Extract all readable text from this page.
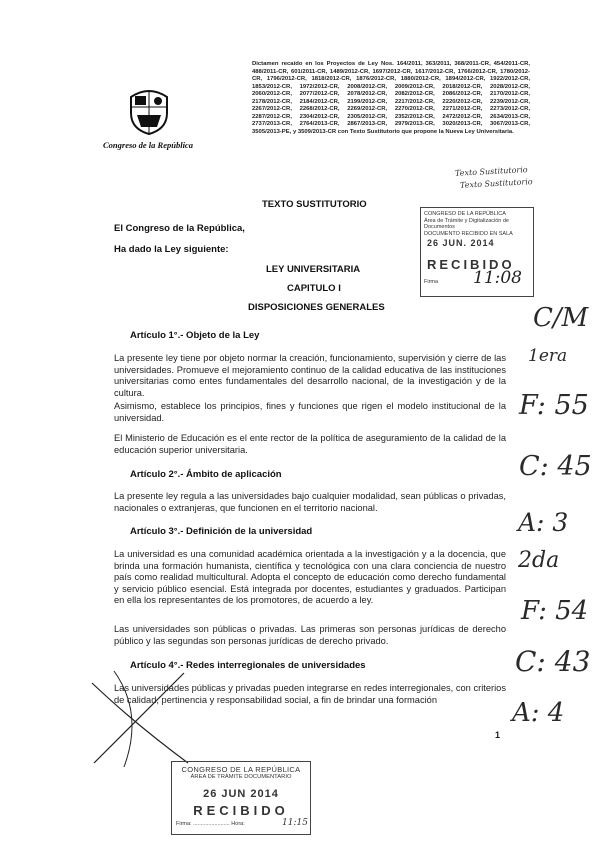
Congreso de la República
Dictamen recaído en los Proyectos de Ley Nos. 164/2011, 363/2011, 368/2011-CR, 454/2011-CR, 488/2011-CR, 601/2011-CR, 1489/2012-CR, 1697/2012-CR, 1617/2012-CR, 1766/2012-CR, 1780/2012-CR, 1796/2012-CR, 1818/2012-CR, 1876/2012-CR, 1880/2012-CR, 1894/2012-CR, 1922/2012-CR, 1853/2012-CR, 1972/2012-CR, 2008/2012-CR, 2009/2012-CR, 2018/2012-CR, 2028/2012-CR, 2060/2012-CR, 2077/2012-CR, 2078/2012-CR, 2082/2012-CR, 2086/2012-CR, 2170/2012-CR, 2178/2012-CR, 2184/2012-CR, 2199/2012-CR, 2217/2012-CR, 2220/2012-CR, 2239/2012-CR, 2267/2012-CR, 2268/2012-CR, 2269/2012-CR, 2270/2012-CR, 2271/2012-CR, 2273/2012-CR, 2287/2012-CR, 2304/2012-CR, 2305/2012-CR, 2352/2012-CR, 2472/2012-CR, 2634/2013-CR, 2737/2013-CR, 2764/2013-CR, 2867/2013-CR, 2979/2013-CR, 3020/2013-CR, 3067/2013-CR, 3505/2013-PE, y 3509/2013-CR con Texto Sustitutorio que propone la Nueva Ley Universitaria.
Texto Sustitutorio
Texto Sustitutorio
TEXTO SUSTITUTORIO
El Congreso de la República,
Ha dado la Ley siguiente:
LEY UNIVERSITARIA
CAPITULO I
DISPOSICIONES GENERALES
CONGRESO DE LA REPÚBLICA
Área de Trámite y Digitalización de Documentos
DOCUMENTO RECIBIDO EN SALA
26 JUN. 2014
RECIBIDO
Firma 11:08
Artículo 1°.- Objeto de la Ley
La presente ley tiene por objeto normar la creación, funcionamiento, supervisión y cierre de las universidades. Promueve el mejoramiento continuo de la calidad educativa de las instituciones universitarias como entes fundamentales del desarrollo nacional, de la investigación y de la cultura.
Asimismo, establece los principios, fines y funciones que rigen el modelo institucional de la universidad.
El Ministerio de Educación es el ente rector de la política de aseguramiento de la calidad de la educación superior universitaria.
Artículo 2°.- Ámbito de aplicación
La presente ley regula a las universidades bajo cualquier modalidad, sean públicas o privadas, nacionales o extranjeras, que funcionen en el territorio nacional.
Artículo 3°.- Definición de la universidad
La universidad es una comunidad académica orientada a la investigación y a la docencia, que brinda una formación humanista, científica y tecnológica con una clara conciencia de nuestro país como realidad multicultural. Adopta el concepto de educación como derecho fundamental y servicio público esencial. Está integrada por docentes, estudiantes y graduados. Participan en ella los representantes de los promotores, de acuerdo a ley.
Las universidades son públicas o privadas. Las primeras son personas jurídicas de derecho público y las segundas son personas jurídicas de derecho privado.
Artículo 4°.- Redes interregionales de universidades
Las universidades públicas y privadas pueden integrarse en redes interregionales, con criterios de calidad, pertinencia y responsabilidad social, a fin de brindar una formación
C/M
1era
F: 55
C: 45
A: 3
2da
F: 54
C: 43
A: 4
1
CONGRESO DE LA REPÚBLICA
ÁREA DE TRÁMITE DOCUMENTARIO
26 JUN 2014
RECIBIDO
Firma: ........................ Hora:	11:15
